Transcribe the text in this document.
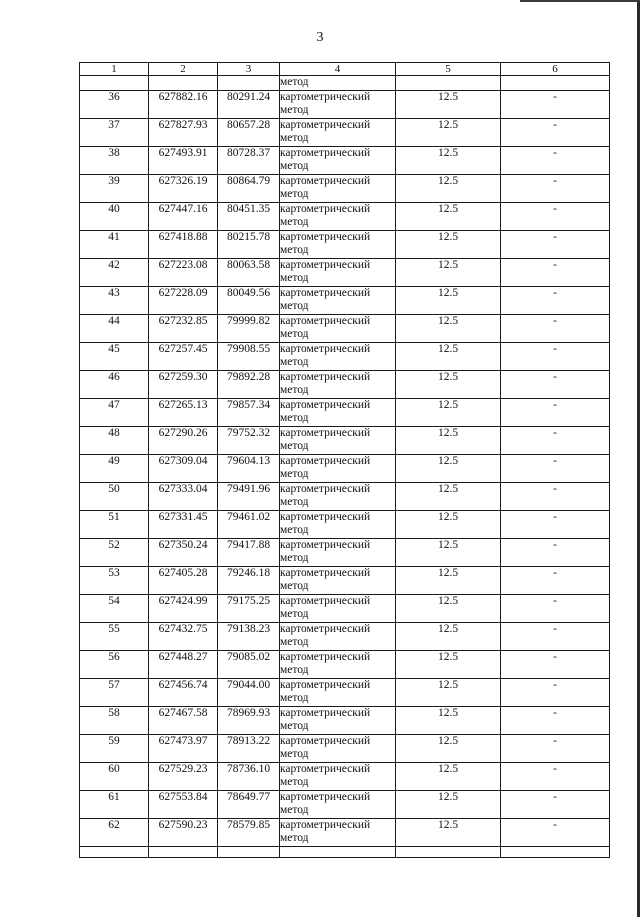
3
1	2	3	4	5	6
			метод		
36	627882.16	80291.24	картометрический метод	12.5	-
37	627827.93	80657.28	картометрический метод	12.5	-
38	627493.91	80728.37	картометрический метод	12.5	-
39	627326.19	80864.79	картометрический метод	12.5	-
40	627447.16	80451.35	картометрический метод	12.5	-
41	627418.88	80215.78	картометрический метод	12.5	-
42	627223.08	80063.58	картометрический метод	12.5	-
43	627228.09	80049.56	картометрический метод	12.5	-
44	627232.85	79999.82	картометрический метод	12.5	-
45	627257.45	79908.55	картометрический метод	12.5	-
46	627259.30	79892.28	картометрический метод	12.5	-
47	627265.13	79857.34	картометрический метод	12.5	-
48	627290.26	79752.32	картометрический метод	12.5	-
49	627309.04	79604.13	картометрический метод	12.5	-
50	627333.04	79491.96	картометрический метод	12.5	-
51	627331.45	79461.02	картометрический метод	12.5	-
52	627350.24	79417.88	картометрический метод	12.5	-
53	627405.28	79246.18	картометрический метод	12.5	-
54	627424.99	79175.25	картометрический метод	12.5	-
55	627432.75	79138.23	картометрический метод	12.5	-
56	627448.27	79085.02	картометрический метод	12.5	-
57	627456.74	79044.00	картометрический метод	12.5	-
58	627467.58	78969.93	картометрический метод	12.5	-
59	627473.97	78913.22	картометрический метод	12.5	-
60	627529.23	78736.10	картометрический метод	12.5	-
61	627553.84	78649.77	картометрический метод	12.5	-
62	627590.23	78579.85	картометрический метод	12.5	-
